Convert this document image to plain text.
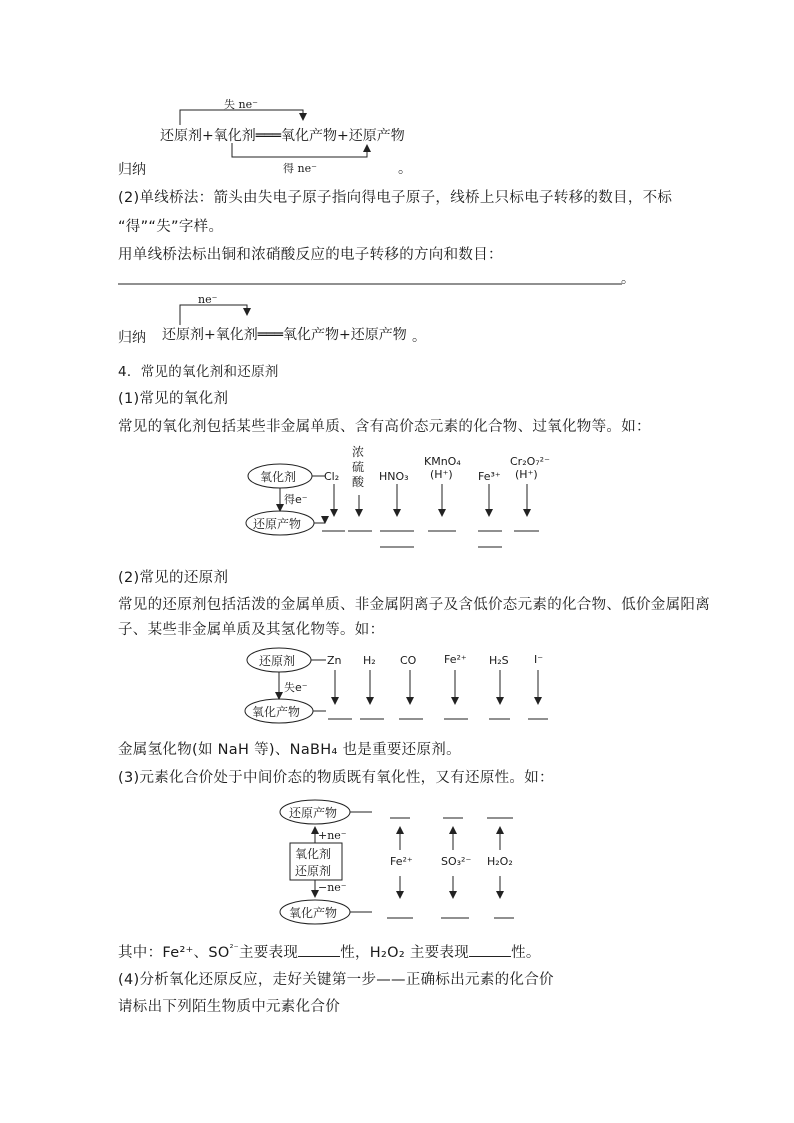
失 ne⁻
还原剂+氧化剂═══氧化产物+还原产物
得 ne⁻
归纳	。
(2)单线桥法：箭头由失电子原子指向得电子原子，线桥上只标电子转移的数目，不标
“得”“失”字样。
用单线桥法标出铜和浓硝酸反应的电子转移的方向和数目：
。
ne⁻
归纳 还原剂+氧化剂═══氧化产物+还原产物 。
4．常见的氧化剂和还原剂
(1)常见的氧化剂
常见的氧化剂包括某些非金属单质、含有高价态元素的化合物、过氧化物等。如：
氧化剂
还原产物
得e⁻
Cl₂
浓
硫
酸 HNO₃
KMnO₄
(H⁺) Fe³⁺
Cr₂O₇²⁻
(H⁺)
(2)常见的还原剂
常见的还原剂包括活泼的金属单质、非金属阴离子及含低价态元素的化合物、低价金属阳离
子、某些非金属单质及其氢化物等。如：
还原剂
氧化产物
失e⁻
Zn H₂ CO	Fe²⁺ H₂S I⁻
金属氢化物(如 NaH 等)、NaBH₄ 也是重要还原剂。
(3)元素化合价处于中间价态的物质既有氧化性，又有还原性。如：
还原产物
氧化剂
还原剂
氧化产物
+ne⁻
−ne⁻
Fe²⁺	SO₃²⁻ H₂O₂
其中：Fe²⁺、$SO^{^{2-}}$主要表现	性，H₂O₂ 主要表现	性。
(4)分析氧化还原反应，走好关键第一步——正确标出元素的化合价
请标出下列陌生物质中元素化合价
